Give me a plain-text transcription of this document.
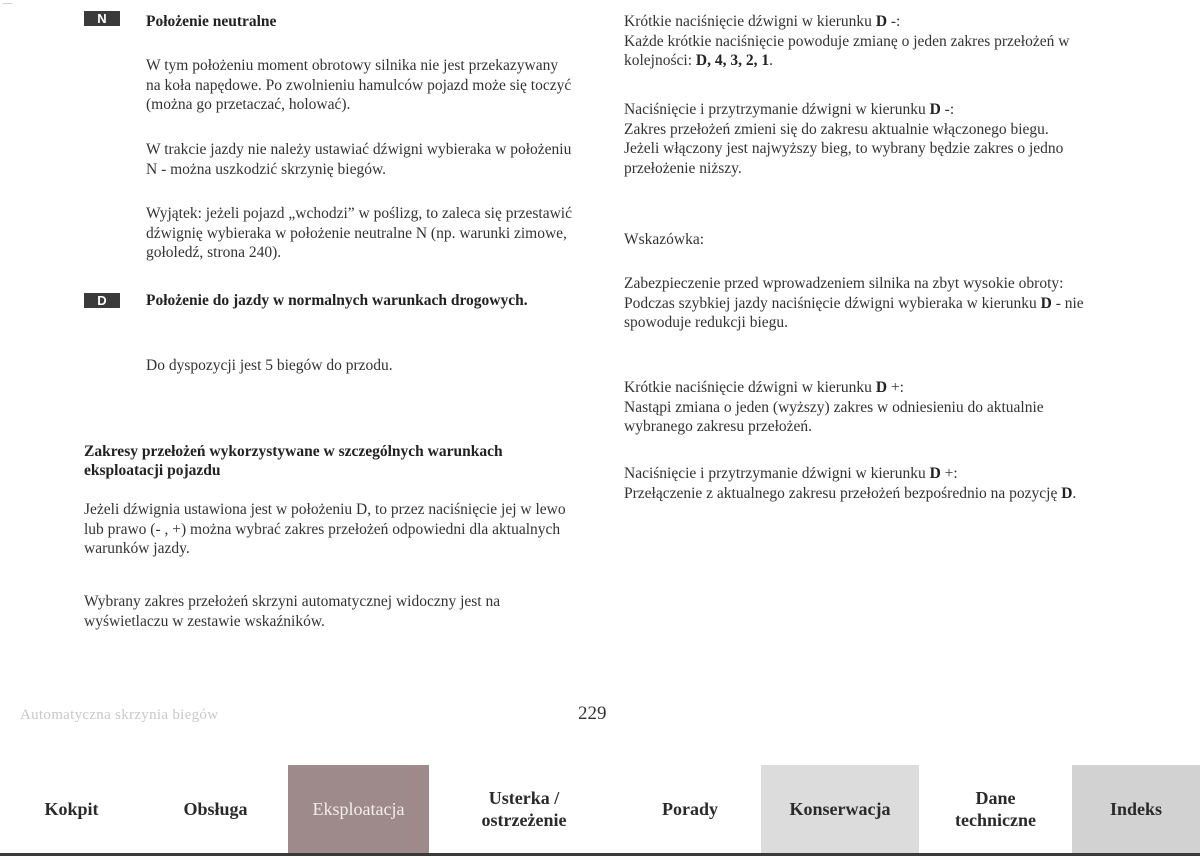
━━━━
N	Położenie neutralne

W tym położeniu moment obrotowy silnika nie jest przekazywany na koła napędowe. Po zwolnieniu hamulców pojazd może się toczyć (można go przetaczać, holować).

W trakcie jazdy nie należy ustawiać dźwigni wybieraka w położeniu N - można uszkodzić skrzynię biegów.

Wyjątek: jeżeli pojazd „wchodzi” w poślizg, to zaleca się przestawić dźwignię wybieraka w położenie neutralne N (np. warunki zimowe, gołoledź, strona 240).

D	Położenie do jazdy w normalnych warunkach drogowych.

Do dyspozycji jest 5 biegów do przodu.

Zakresy przełożeń wykorzystywane w szczególnych warunkach eksploatacji pojazdu

Jeżeli dźwignia ustawiona jest w położeniu D, to przez naciśnięcie jej w lewo lub prawo (- , +) można wybrać zakres przełożeń odpowiedni dla aktualnych warunków jazdy.

Wybrany zakres przełożeń skrzyni automatycznej widoczny jest na wyświetlaczu w zestawie wskaźników.

Krótkie naciśnięcie dźwigni w kierunku D -:
Każde krótkie naciśnięcie powoduje zmianę o jeden zakres przełożeń w kolejności: D, 4, 3, 2, 1.

Naciśnięcie i przytrzymanie dźwigni w kierunku D -:
Zakres przełożeń zmieni się do zakresu aktualnie włączonego biegu.
Jeżeli włączony jest najwyższy bieg, to wybrany będzie zakres o jedno przełożenie niższy.

Wskazówka:

Zabezpieczenie przed wprowadzeniem silnika na zbyt wysokie obroty:
Podczas szybkiej jazdy naciśnięcie dźwigni wybieraka w kierunku D - nie spowoduje redukcji biegu.

Krótkie naciśnięcie dźwigni w kierunku D +:
Nastąpi zmiana o jeden (wyższy) zakres w odniesieniu do aktualnie wybranego zakresu przełożeń.

Naciśnięcie i przytrzymanie dźwigni w kierunku D +:
Przełączenie z aktualnego zakresu przełożeń bezpośrednio na pozycję D.

Automatyczna skrzynia biegów	229
Kokpit	Obsługa	Eksploatacja
Usterka / ostrzeżenie
Porady	Konserwacja
Dane techniczne
Indeks
